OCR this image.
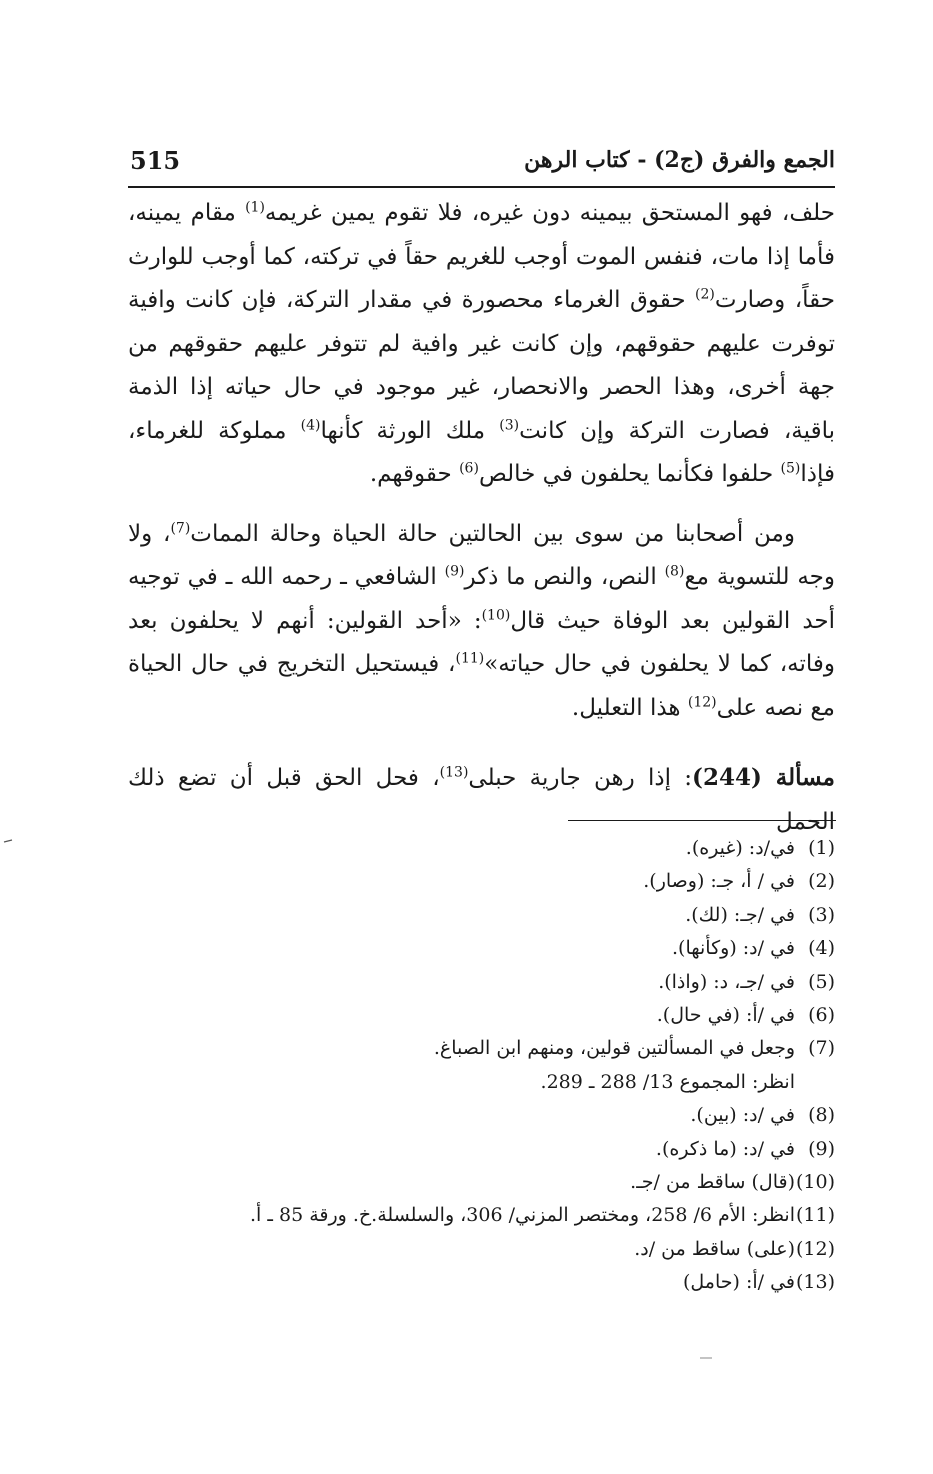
الجمع والفرق (ج2) - كتاب الرهن
515

حلف، فهو المستحق بيمينه دون غيره، فلا تقوم يمين غريمه$^{(1)}$ مقام يمينه، فأما إذا مات، فنفس الموت أوجب للغريم حقاً في تركته، كما أوجب للوارث حقاً، وصارت$^{(2)}$ حقوق الغرماء محصورة في مقدار التركة، فإن كانت وافية توفرت عليهم حقوقهم، وإن كانت غير وافية لم تتوفر عليهم حقوقهم من جهة أخرى، وهذا الحصر والانحصار، غير موجود في حال حياته إذا الذمة باقية، فصارت التركة وإن كانت$^{(3)}$ ملك الورثة كأنها$^{(4)}$ مملوكة للغرماء، فإذا$^{(5)}$ حلفوا فكأنما يحلفون في خالص$^{(6)}$ حقوقهم.

ومن أصحابنا من سوى بين الحالتين حالة الحياة وحالة الممات$^{(7)}$، ولا وجه للتسوية مع$^{(8)}$ النص، والنص ما ذكر$^{(9)}$ الشافعي ـ رحمه الله ـ في توجيه أحد القولين بعد الوفاة حيث قال$^{(10)}$: «أحد القولين: أنهم لا يحلفون بعد وفاته، كما لا يحلفون في حال حياته»$^{(11)}$، فيستحيل التخريج في حال الحياة مع نصه على$^{(12)}$ هذا التعليل.

مسألة (244): إذا رهن جارية حبلى$^{(13)}$، فحل الحق قبل أن تضع ذلك الحمل

(1)
في/د: (غيره).
(2)
في / أ، جـ: (وصار).
(3)
في /جـ: (لك).
(4)
في /د: (وكأنها).
(5)
في /جـ، د: (واذا).
(6)
في /أ: (في حال).
(7)
وجعل في المسألتين قولين، ومنهم ابن الصباغ.
انظر: المجموع 13/ 288 ـ 289.
(8)
في /د: (بين).
(9)
في /د: (ما ذكره).
(10)
(قال) ساقط من /جـ.
(11)
انظر: الأم 6/ 258، ومختصر المزني/ 306، والسلسلة.خ. ورقة 85 ـ أ.
(12)
(على) ساقط من /د.
(13)
في /أ: (حامل)
